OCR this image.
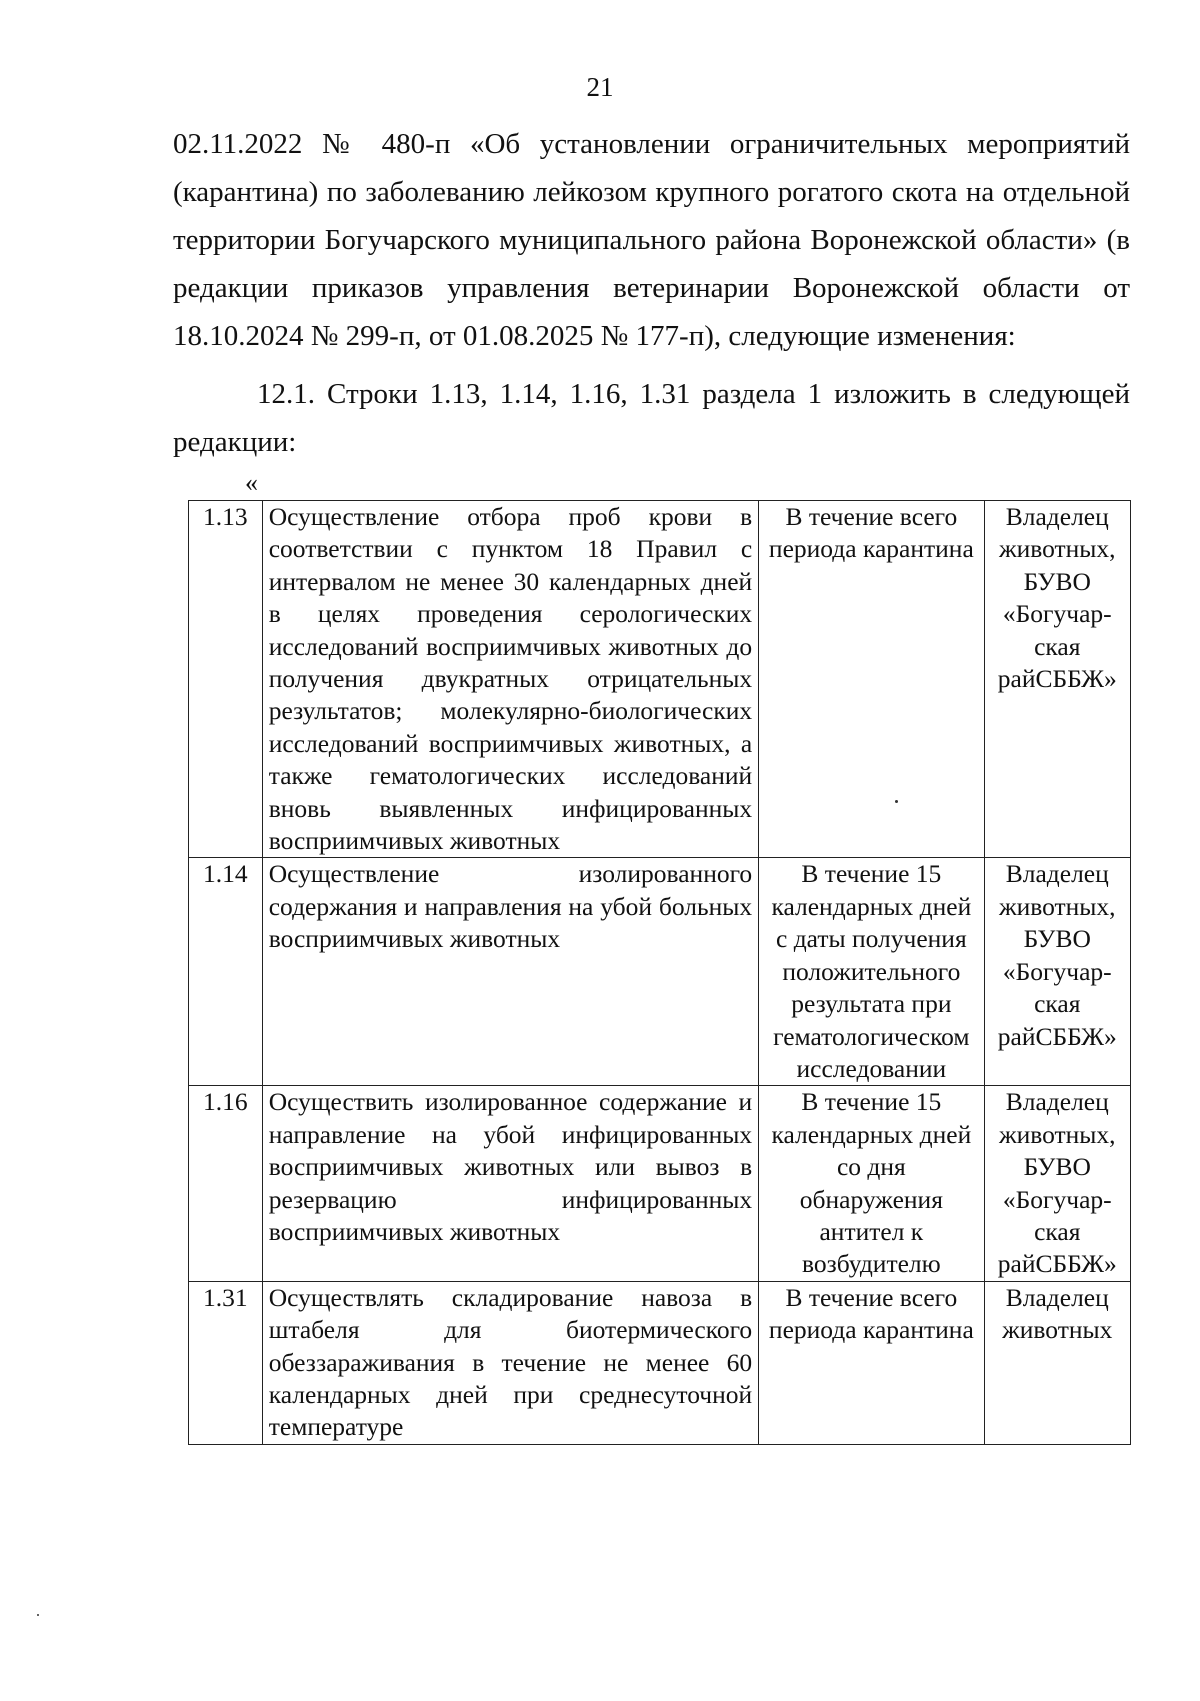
21
02.11.2022 № 480-п «Об установлении ограничительных мероприятий
(карантина) по заболеванию лейкозом крупного рогатого скота на отдельной
территории Богучарского муниципального района Воронежской области» (в
редакции приказов управления ветеринарии Воронежской области от
18.10.2024 № 299-п, от 01.08.2025 № 177-п), следующие изменения:
12.1. Строки 1.13, 1.14, 1.16, 1.31 раздела 1 изложить в следующей
редакции:
«
1.13	Осуществление отбора проб крови в соответствии с пунктом 18 Правил с интервалом не менее 30 календарных дней в целях проведения серологических исследований восприимчивых животных до получения двукратных отрицательных результатов; молекулярно-биологических исследований восприимчивых животных, а также гематологических исследований вновь выявленных инфицированных восприимчивых животных	В течение всего периода карантина	Владелец животных, БУВО «Богучар-ская райСББЖ»
1.14	Осуществление изолированного содержания и направления на убой больных восприимчивых животных	В течение 15 календарных дней с даты получения положительного результата при гематологическом исследовании	Владелец животных, БУВО «Богучар-ская райСББЖ»
1.16	Осуществить изолированное содержание и направление на убой инфицированных восприимчивых животных или вывоз в резервацию инфицированных восприимчивых животных	В течение 15 календарных дней со дня обнаружения антител к возбудителю	Владелец животных, БУВО «Богучар-ская райСББЖ»
1.31	Осуществлять складирование навоза в штабеля для биотермического обеззараживания в течение не менее 60 календарных дней при среднесуточной температуре	В течение всего периода карантина	Владелец животных
